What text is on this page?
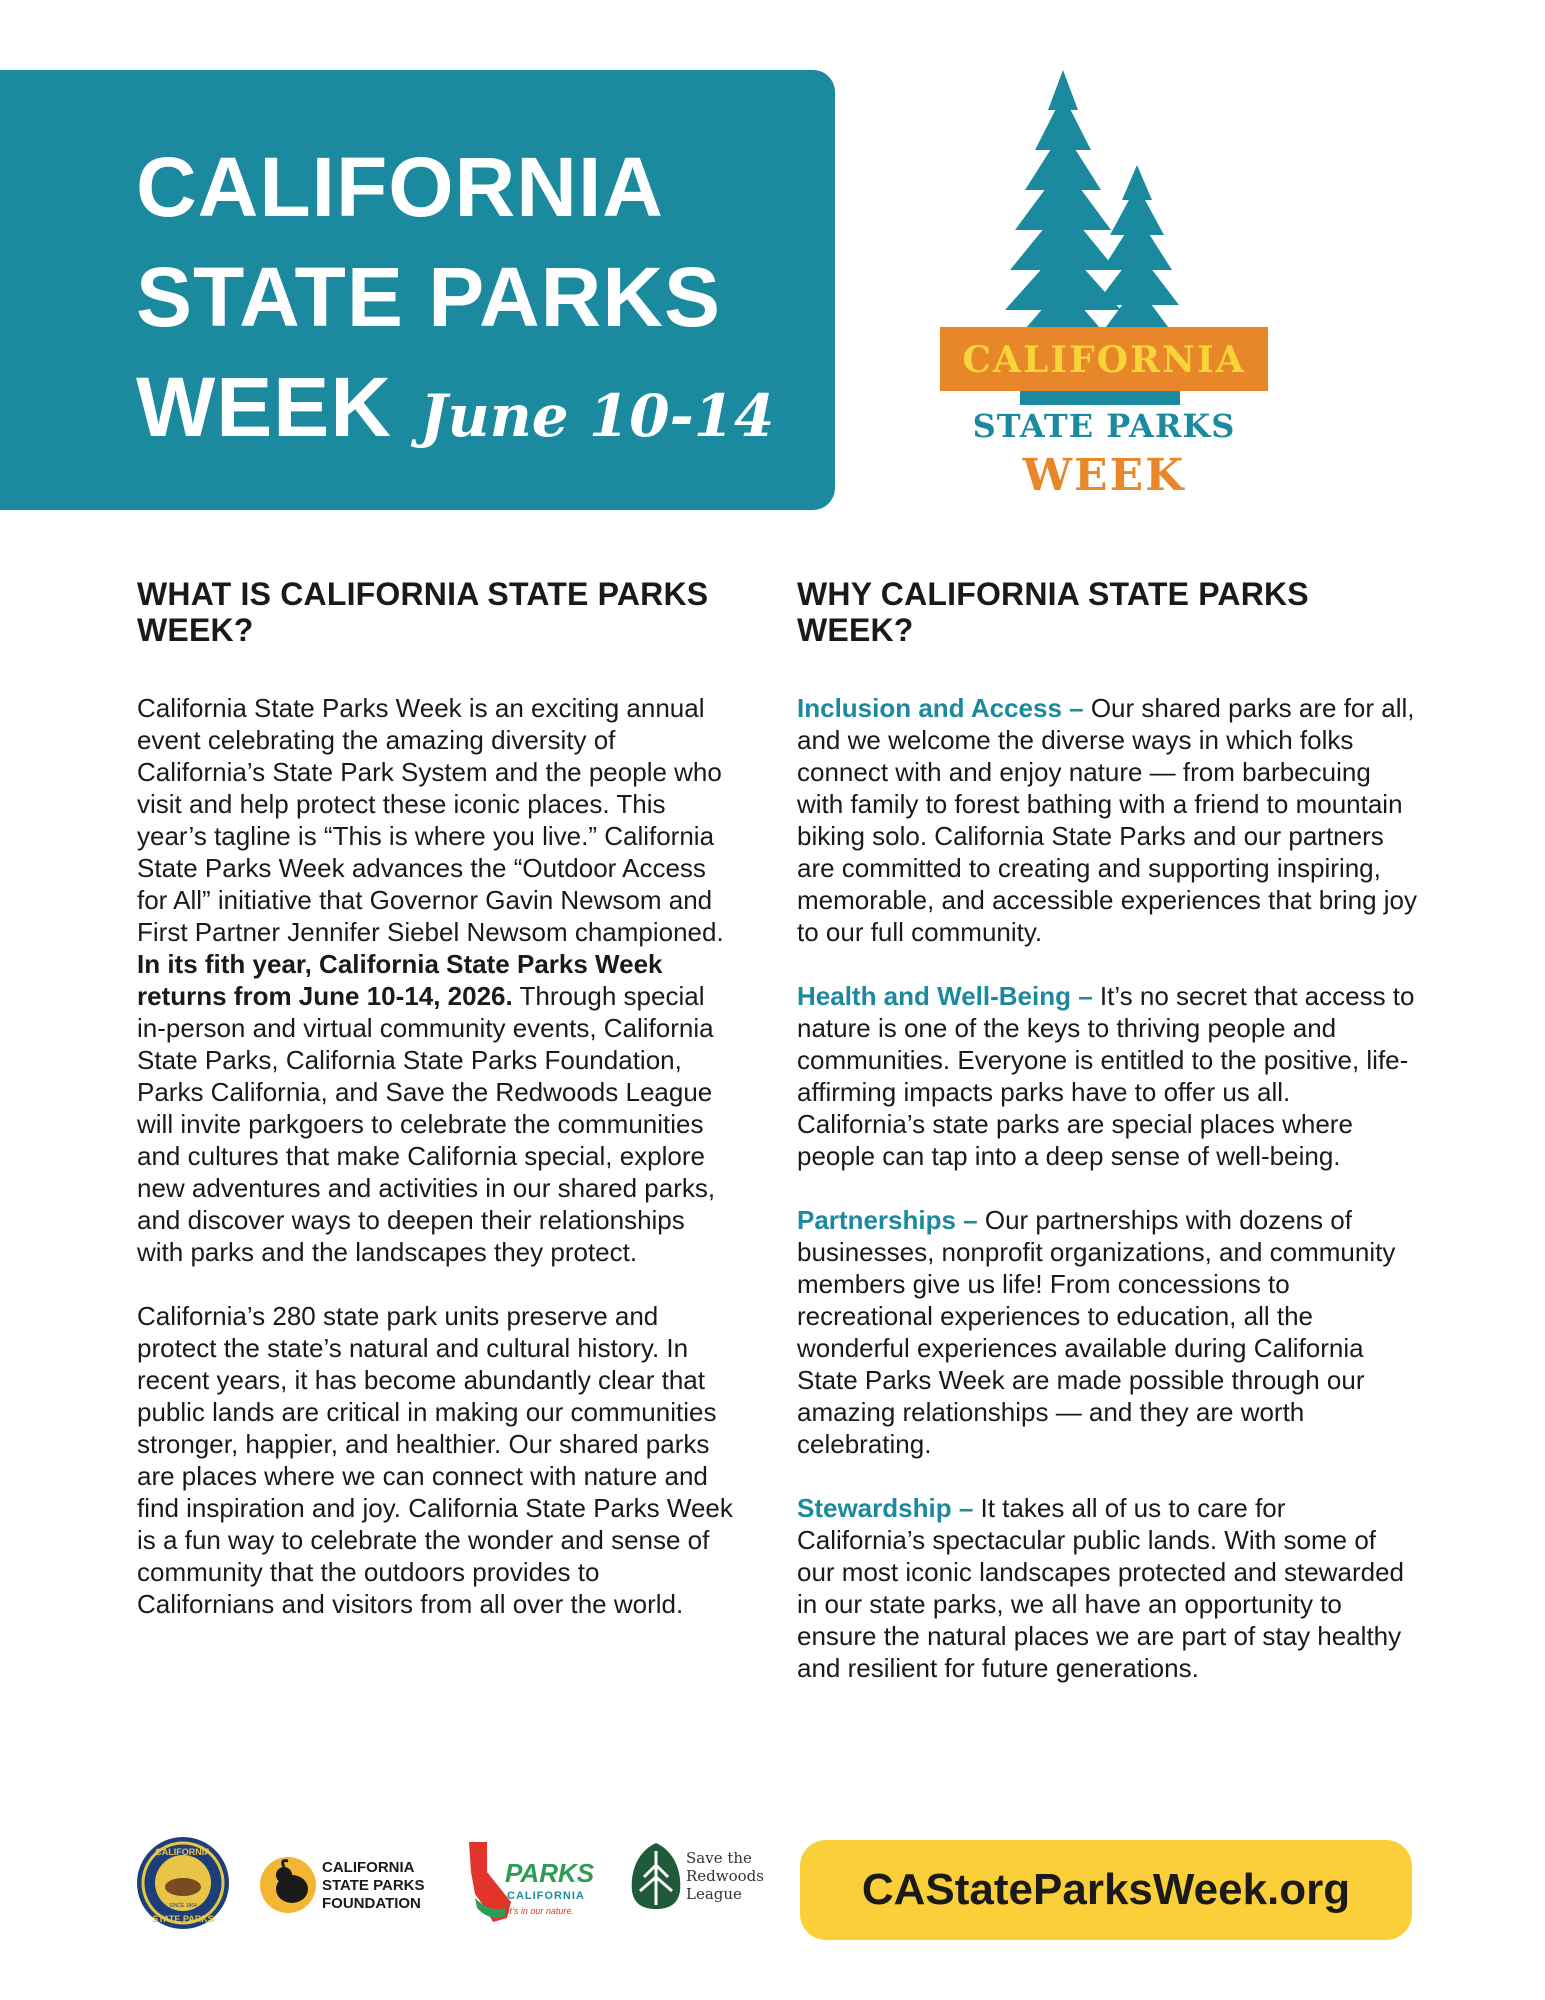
CALIFORNIA
STATE PARKS
WEEK June 10-14
CALIFORNIA
STATE PARKS
WEEK
WHAT IS CALIFORNIA STATE PARKS WEEK?

California State Parks Week is an exciting annual event celebrating the amazing diversity of California’s State Park System and the people who visit and help protect these iconic places. This year’s tagline is “This is where you live.” California State Parks Week advances the “Outdoor Access for All” initiative that Governor Gavin Newsom and First Partner Jennifer Siebel Newsom championed. In its fith year, California State Parks Week returns from June 10-14, 2026. Through special in-person and virtual community events, California State Parks, California State Parks Foundation, Parks California, and Save the Redwoods League will invite parkgoers to celebrate the communities and cultures that make California special, explore new adventures and activities in our shared parks, and discover ways to deepen their relationships with parks and the landscapes they protect.

California’s 280 state park units preserve and protect the state’s natural and cultural history. In recent years, it has become abundantly clear that public lands are critical in making our communities stronger, happier, and healthier. Our shared parks are places where we can connect with nature and find inspiration and joy. California State Parks Week is a fun way to celebrate the wonder and sense of community that the outdoors provides to Californians and visitors from all over the world.

WHY CALIFORNIA STATE PARKS WEEK?

Inclusion and Access – Our shared parks are for all, and we welcome the diverse ways in which folks connect with and enjoy nature — from barbecuing with family to forest bathing with a friend to mountain biking solo. California State Parks and our partners are committed to creating and supporting inspiring, memorable, and accessible experiences that bring joy to our full community.

Health and Well-Being – It’s no secret that access to nature is one of the keys to thriving people and communities. Everyone is entitled to the positive, life-affirming impacts parks have to offer us all. California’s state parks are special places where people can tap into a deep sense of well-being.

Partnerships – Our partnerships with dozens of businesses, nonprofit organizations, and community members give us life! From concessions to recreational experiences to education, all the wonderful experiences available during California State Parks Week are made possible through our amazing relationships — and they are worth celebrating.

Stewardship – It takes all of us to care for California’s spectacular public lands. With some of our most iconic landscapes protected and stewarded in our state parks, we all have an opportunity to ensure the natural places we are part of stay healthy and resilient for future generations.

CALIFORNIA
STATE PARKS
SINCE 1864
CALIFORNIA
STATE PARKS
FOUNDATION
PARKS
CALIFORNIA
It’s in our nature.
Save the
Redwoods
League	CAStateParksWeek.org
